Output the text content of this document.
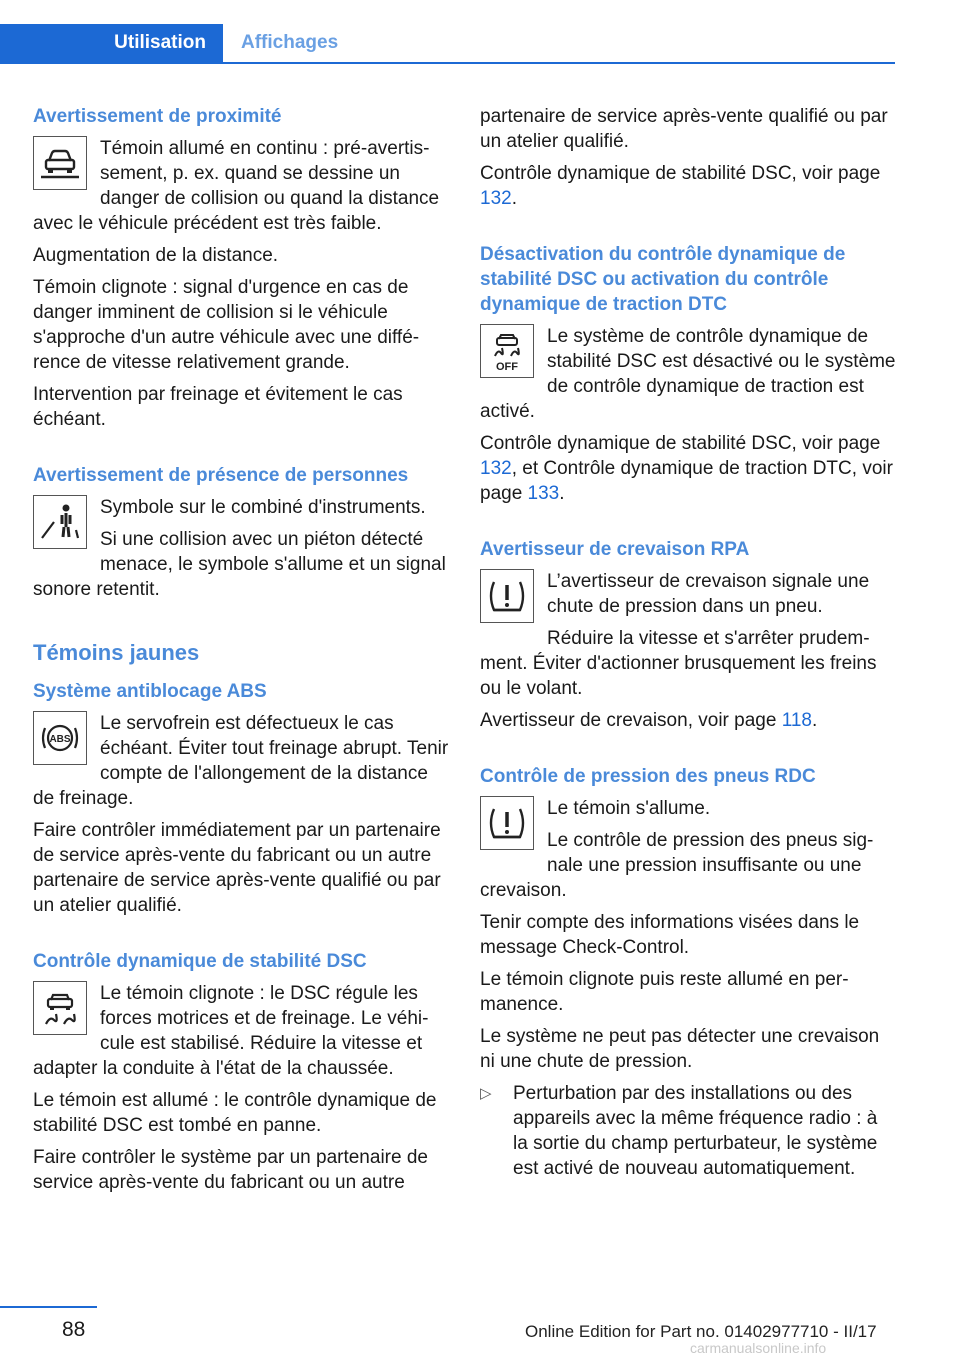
Utilisation	Affichages
Avertissement de proximité

Témoin allumé en continu : pré-avertissement, p. ex. quand se dessine un danger de collision ou quand la distance avec le véhicule précédent est très faible.

Augmentation de la distance.

Témoin clignote : signal d'urgence en cas de danger imminent de collision si le véhicule s'approche d'un autre véhicule avec une différence de vitesse relativement grande.

Intervention par freinage et évitement le cas échéant.

Avertissement de présence de personnes

Symbole sur le combiné d'instruments.

Si une collision avec un piéton détecté menace, le symbole s'allume et un signal sonore retentit.

Témoins jaunes
Système antiblocage ABS
ABS

Le servofrein est défectueux le cas échéant. Éviter tout freinage abrupt. Tenir compte de l'allongement de la distance de freinage.

Faire contrôler immédiatement par un partenaire de service après-vente du fabricant ou un autre partenaire de service après-vente qualifié ou par un atelier qualifié.

Contrôle dynamique de stabilité DSC

Le témoin clignote : le DSC régule les forces motrices et de freinage. Le véhicule est stabilisé. Réduire la vitesse et adapter la conduite à l'état de la chaussée.

Le témoin est allumé : le contrôle dynamique de stabilité DSC est tombé en panne.

Faire contrôler le système par un partenaire de service après-vente du fabricant ou un autre

partenaire de service après-vente qualifié ou par un atelier qualifié.

Contrôle dynamique de stabilité DSC, voir page 132.

Désactivation du contrôle dynamique de stabilité DSC ou activation du contrôle dynamique de traction DTC
OFF

Le système de contrôle dynamique de stabilité DSC est désactivé ou le système de contrôle dynamique de traction est activé.

Contrôle dynamique de stabilité DSC, voir page 132, et Contrôle dynamique de traction DTC, voir page 133.

Avertisseur de crevaison RPA

L’avertisseur de crevaison signale une chute de pression dans un pneu.

Réduire la vitesse et s'arrêter prudemment. Éviter d'actionner brusquement les freins ou le volant.

Avertisseur de crevaison, voir page 118.

Contrôle de pression des pneus RDC

Le témoin s'allume.

Le contrôle de pression des pneus signale une pression insuffisante ou une crevaison.

Tenir compte des informations visées dans le message Check-Control.

Le témoin clignote puis reste allumé en permanence.

Le système ne peut pas détecter une crevaison ni une chute de pression.

▷	Perturbation par des installations ou des appareils avec la même fréquence radio : à la sortie du champ perturbateur, le système est activé de nouveau automatiquement.
88	Online Edition for Part no. 01402977710 - II/17
carmanualsonline.info
